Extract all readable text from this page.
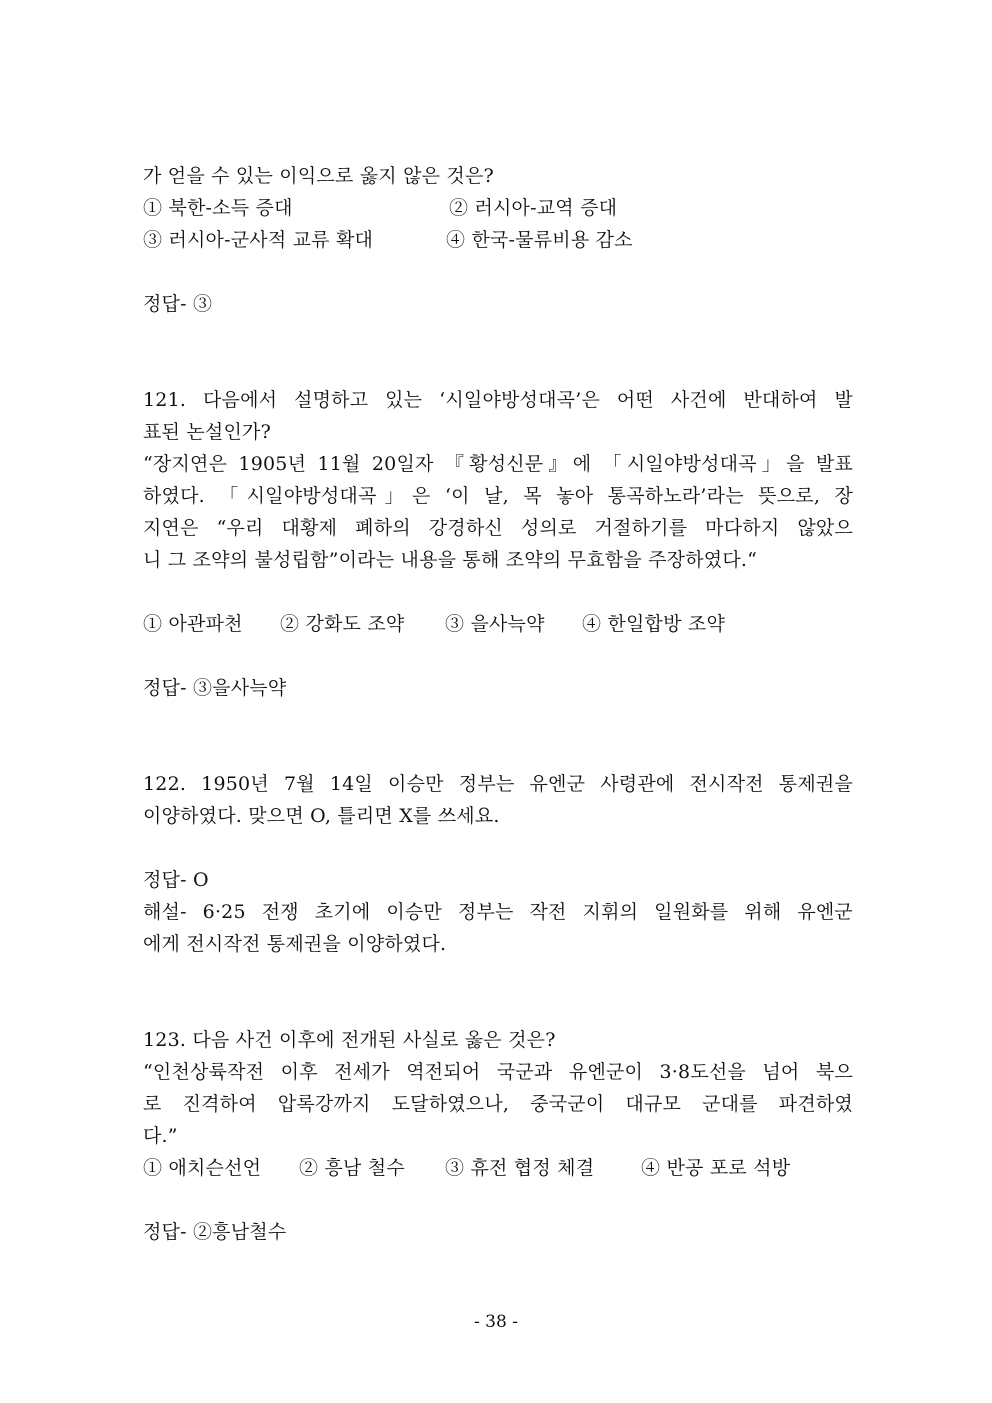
가 얻을 수 있는 이익으로 옳지 않은 것은?
① 북한-소득 증대	② 러시아-교역 증대
③ 러시아-군사적 교류 확대	④ 한국-물류비용 감소
정답- ③
121. 다음에서 설명하고 있는 ‘시일야방성대곡’은 어떤 사건에 반대하여 발
표된 논설인가?
“장지연은 1905년 11월 20일자 『황성신문』에 「시일야방성대곡」을 발표
하였다. 「시일야방성대곡」은 ‘이 날, 목 놓아 통곡하노라’라는 뜻으로, 장
지연은 “우리 대황제 폐하의 강경하신 성의로 거절하기를 마다하지 않았으
니 그 조약의 불성립함”이라는 내용을 통해 조약의 무효함을 주장하였다.“
① 아관파천 ② 강화도 조약 ③ 을사늑약 ④ 한일합방 조약
정답- ③을사늑약
122. 1950년 7월 14일 이승만 정부는 유엔군 사령관에 전시작전 통제권을
이양하였다. 맞으면 O, 틀리면 X를 쓰세요.
정답- O
해설- 6·25 전쟁 초기에 이승만 정부는 작전 지휘의 일원화를 위해 유엔군
에게 전시작전 통제권을 이양하였다.
123. 다음 사건 이후에 전개된 사실로 옳은 것은?
“인천상륙작전 이후 전세가 역전되어 국군과 유엔군이 3·8도선을 넘어 북으
로 진격하여 압록강까지 도달하였으나, 중국군이 대규모 군대를 파견하였
다.”
① 애치슨선언 ② 흥남 철수 ③ 휴전 협정 체결 ④ 반공 포로 석방
정답- ②흥남철수
- 38 -
